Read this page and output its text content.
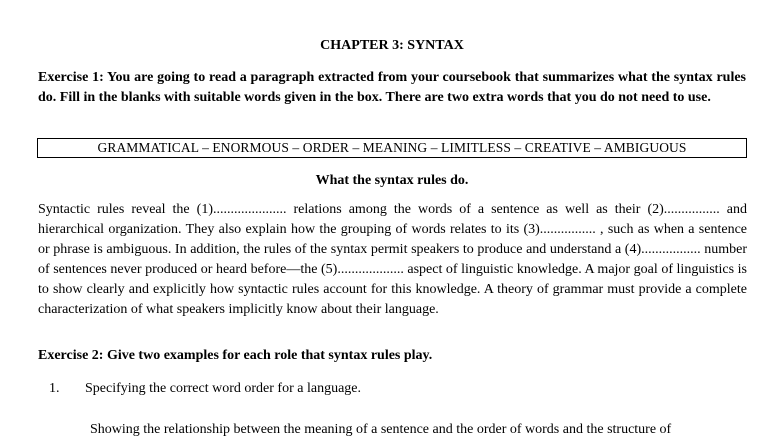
CHAPTER 3: SYNTAX
Exercise 1: You are going to read a paragraph extracted from your coursebook that summarizes what the syntax rules do. Fill in the blanks with suitable words given in the box. There are two extra words that you do not need to use.
GRAMMATICAL – ENORMOUS – ORDER – MEANING – LIMITLESS – CREATIVE – AMBIGUOUS
What the syntax rules do.
Syntactic rules reveal the (1)..................... relations among the words of a sentence as well as their (2)................ and hierarchical organization. They also explain how the grouping of words relates to its (3)................ , such as when a sentence or phrase is ambiguous. In addition, the rules of the syntax permit speakers to produce and understand a (4)................. number of sentences never produced or heard before—the (5)................... aspect of linguistic knowledge. A major goal of linguistics is to show clearly and explicitly how syntactic rules account for this knowledge. A theory of grammar must provide a complete characterization of what speakers implicitly know about their language.
Exercise 2: Give two examples for each role that syntax rules play.
1. Specifying the correct word order for a language.
Showing the relationship between the meaning of a sentence and the order of words and the structure of
